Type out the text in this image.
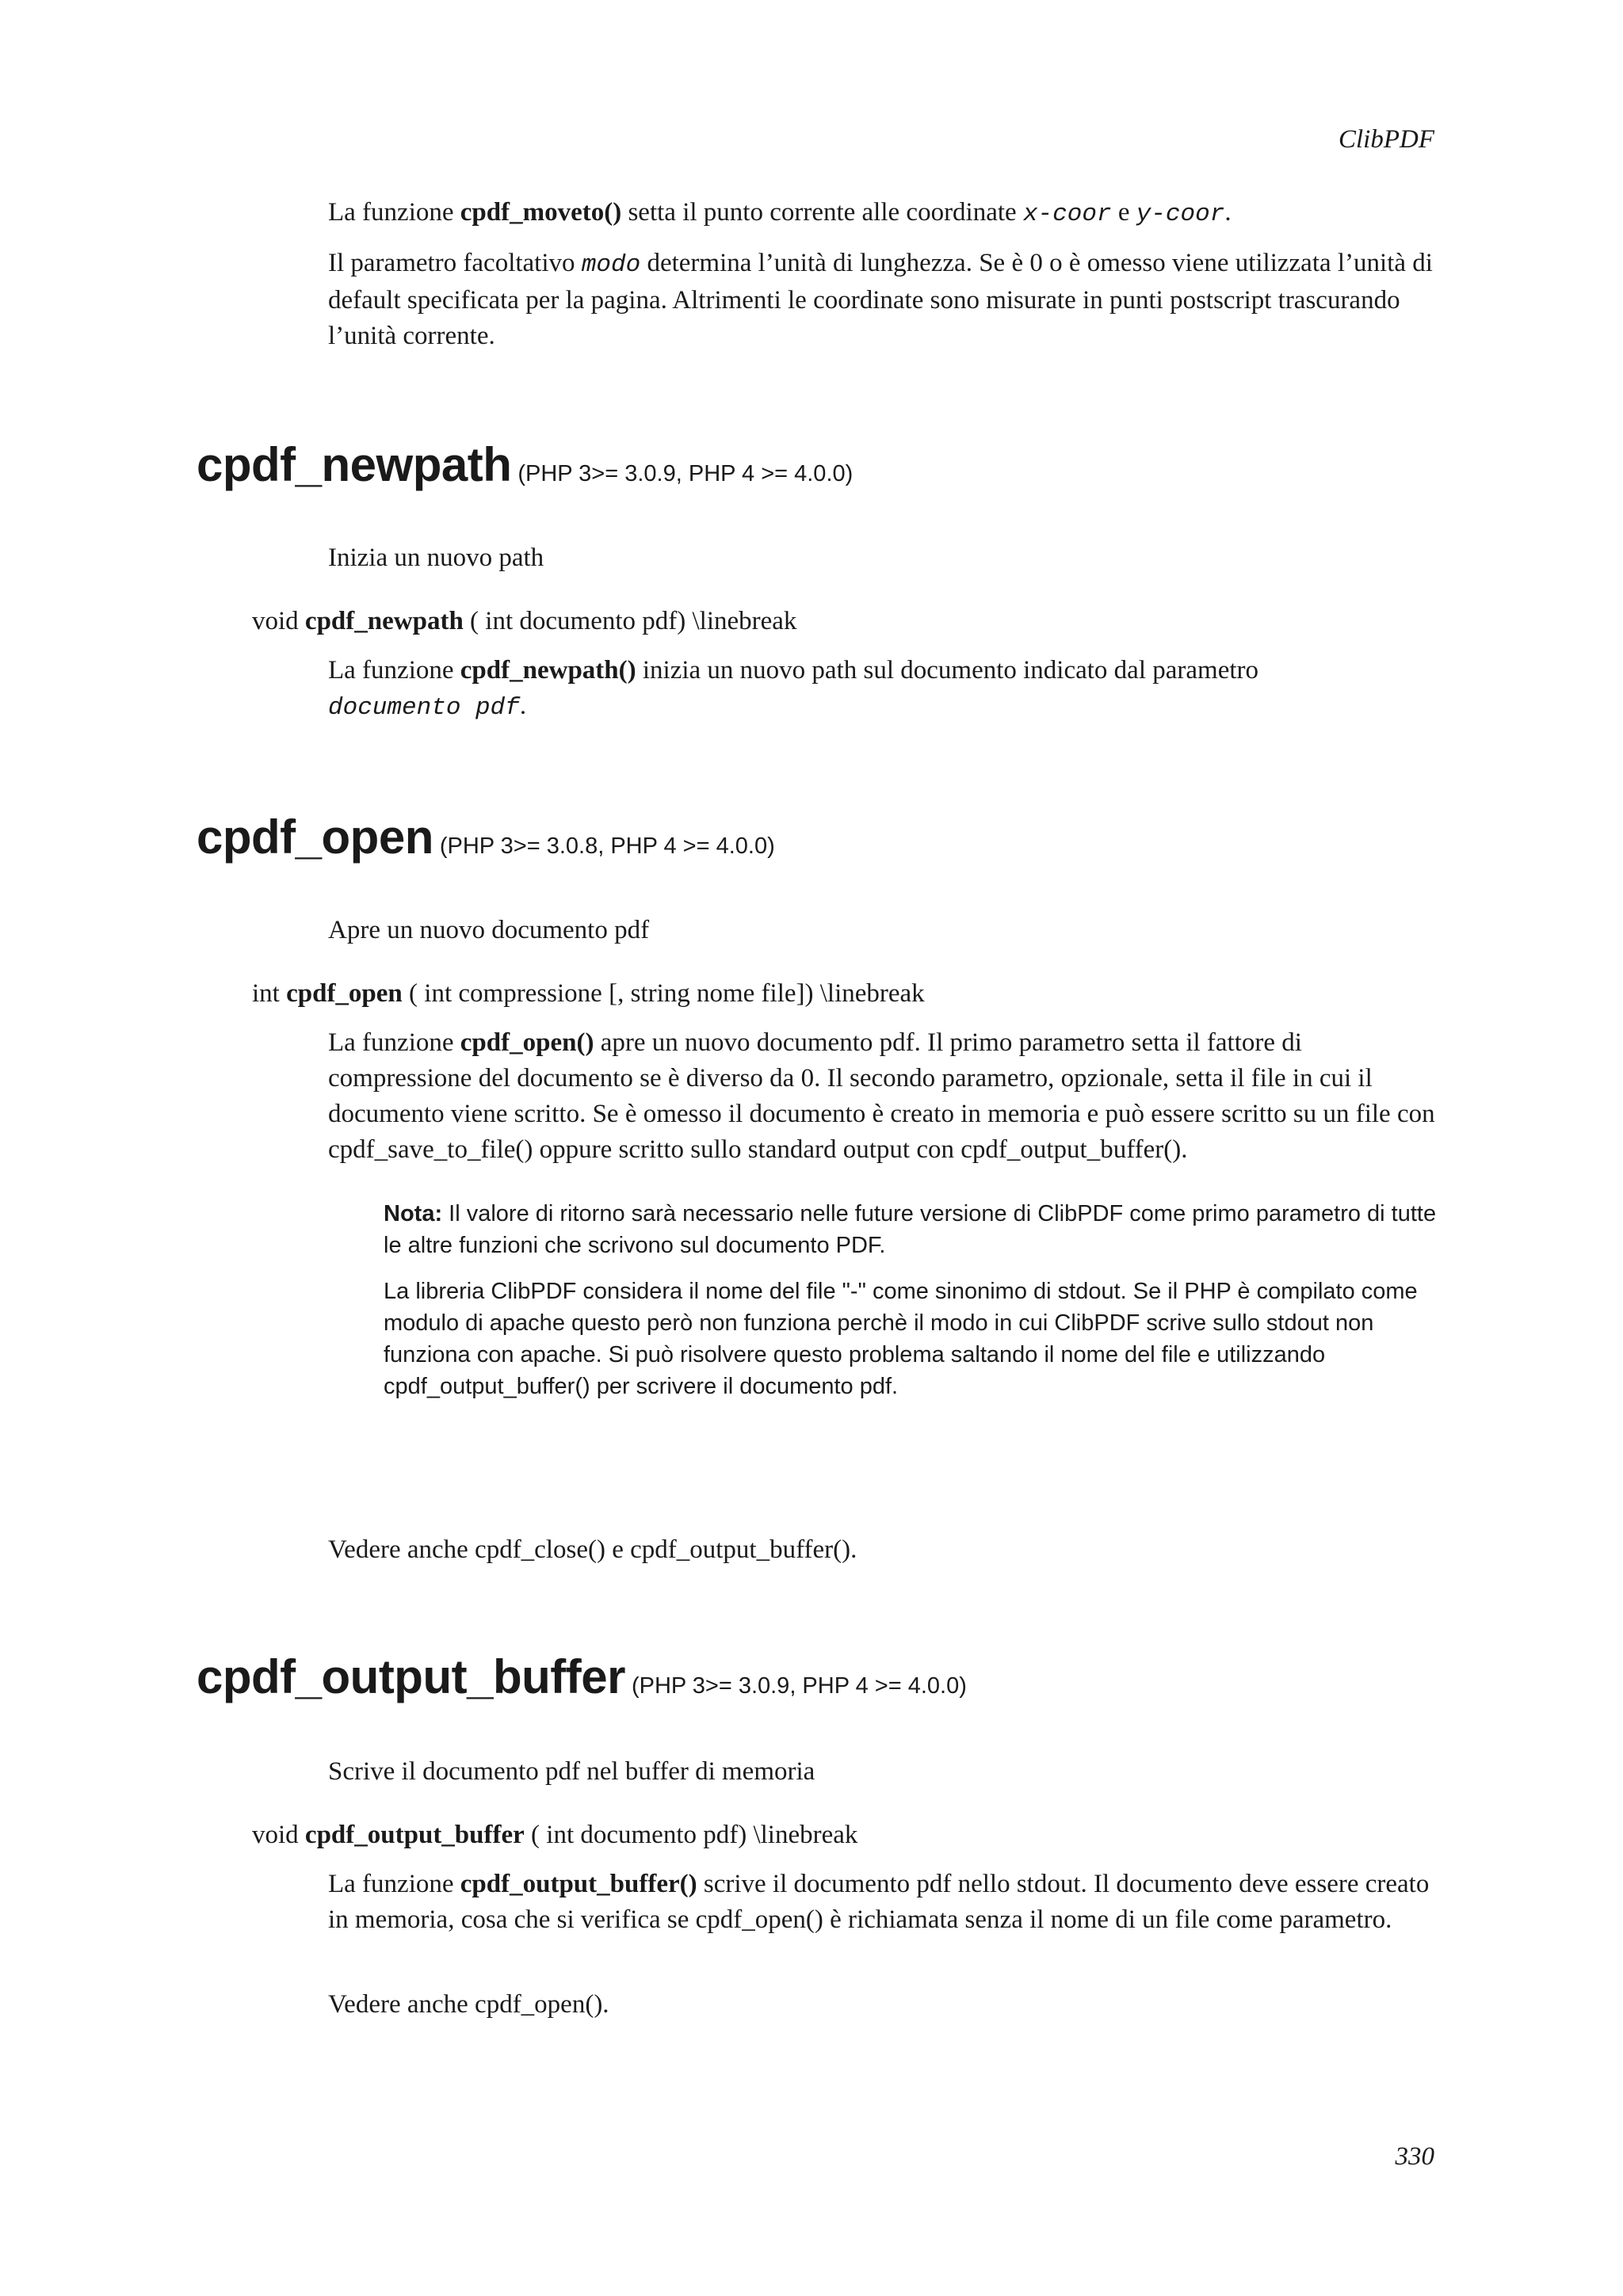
ClibPDF

La funzione cpdf_moveto() setta il punto corrente alle coordinate x-coor e y-coor.

Il parametro facoltativo modo determina l’unità di lunghezza. Se è 0 o è omesso viene utilizzata l’unità di default specificata per la pagina. Altrimenti le coordinate sono misurate in punti postscript trascurando l’unità corrente.

cpdf_newpath (PHP 3>= 3.0.9, PHP 4 >= 4.0.0)

Inizia un nuovo path

void cpdf_newpath ( int documento pdf) \linebreak

La funzione cpdf_newpath() inizia un nuovo path sul documento indicato dal parametro
documento pdf.

cpdf_open (PHP 3>= 3.0.8, PHP 4 >= 4.0.0)

Apre un nuovo documento pdf

int cpdf_open ( int compressione [, string nome file]) \linebreak

La funzione cpdf_open() apre un nuovo documento pdf. Il primo parametro setta il fattore di compressione del documento se è diverso da 0. Il secondo parametro, opzionale, setta il file in cui il documento viene scritto. Se è omesso il documento è creato in memoria e può essere scritto su un file con cpdf_save_to_file() oppure scritto sullo standard output con cpdf_output_buffer().

Nota: Il valore di ritorno sarà necessario nelle future versione di ClibPDF come primo parametro di tutte le altre funzioni che scrivono sul documento PDF.

La libreria ClibPDF considera il nome del file "-" come sinonimo di stdout. Se il PHP è compilato come modulo di apache questo però non funziona perchè il modo in cui ClibPDF scrive sullo stdout non funziona con apache. Si può risolvere questo problema saltando il nome del file e utilizzando cpdf_output_buffer() per scrivere il documento pdf.

Vedere anche cpdf_close() e cpdf_output_buffer().

cpdf_output_buffer (PHP 3>= 3.0.9, PHP 4 >= 4.0.0)

Scrive il documento pdf nel buffer di memoria

void cpdf_output_buffer ( int documento pdf) \linebreak

La funzione cpdf_output_buffer() scrive il documento pdf nello stdout. Il documento deve essere creato in memoria, cosa che si verifica se cpdf_open() è richiamata senza il nome di un file come parametro.

Vedere anche cpdf_open().

330
